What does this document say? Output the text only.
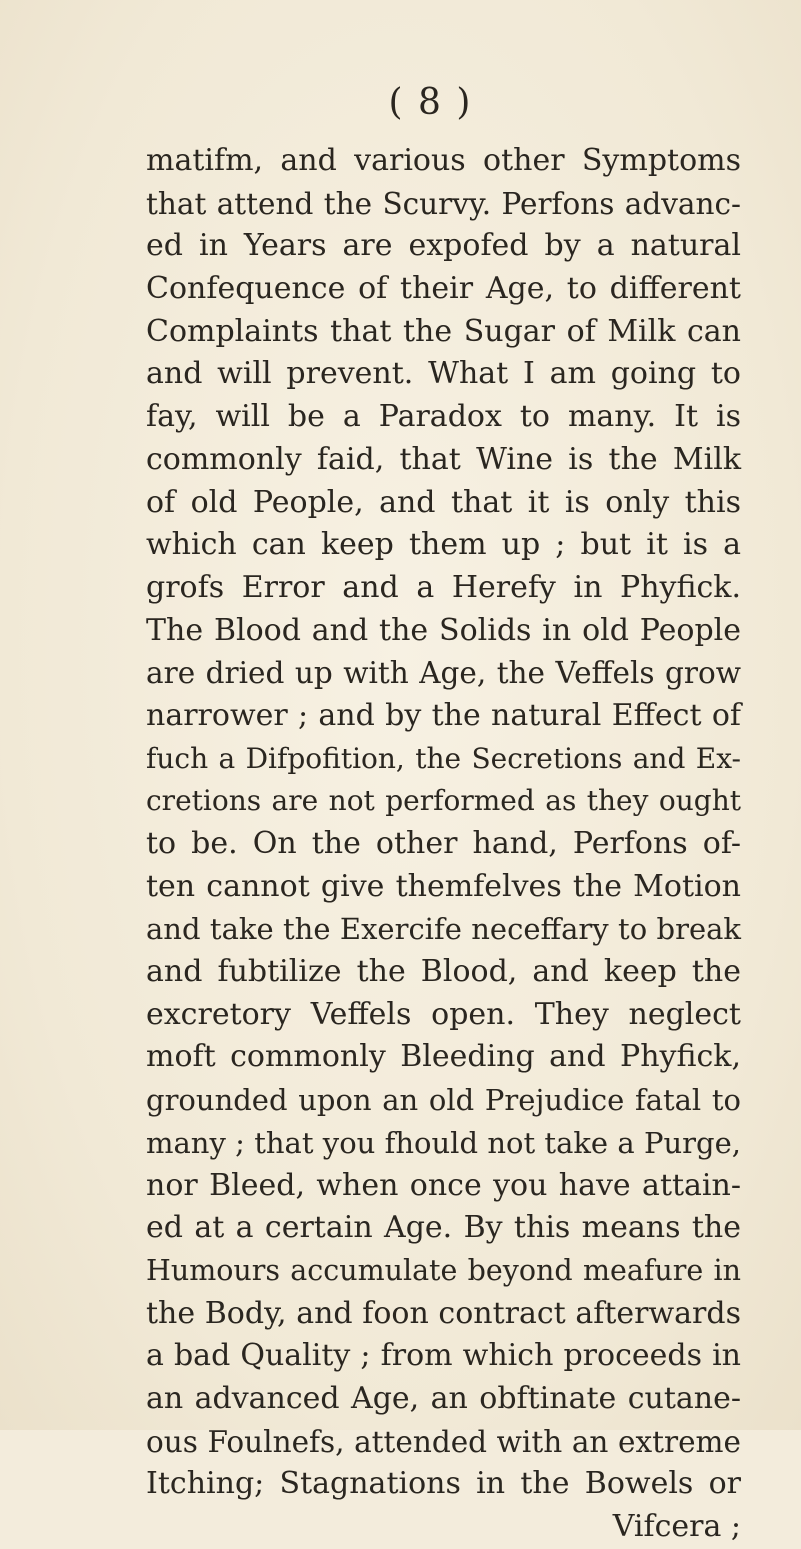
( 8 )
matifm, and various other Symptoms
that attend the Scurvy. Perfons advanc-
ed in Years are expofed by a natural
Confequence of their Age, to different
Complaints that the Sugar of Milk can
and will prevent. What I am going to
fay, will be a Paradox to many. It is
commonly faid, that Wine is the Milk
of old People, and that it is only this
which can keep them up ; but it is a
grofs Error and a Herefy in Phyfick.
The Blood and the Solids in old People
are dried up with Age, the Veffels grow
narrower ; and by the natural Effect of
fuch a Difpofition, the Secretions and Ex-
cretions are not performed as they ought
to be. On the other hand, Perfons of-
ten cannot give themfelves the Motion
and take the Exercife neceffary to break
and fubtilize the Blood, and keep the
excretory Veffels open. They neglect
moft commonly Bleeding and Phyfick,
grounded upon an old Prejudice fatal to
many ; that you fhould not take a Purge,
nor Bleed, when once you have attain-
ed at a certain Age. By this means the
Humours accumulate beyond meafure in
the Body, and foon contract afterwards
a bad Quality ; from which proceeds in
an advanced Age, an obftinate cutane-
ous Foulnefs, attended with an extreme
Itching; Stagnations in the Bowels or
Vifcera ;
